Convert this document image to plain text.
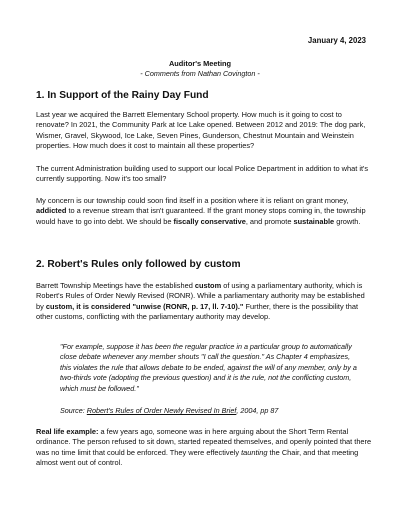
January 4, 2023
Auditor's Meeting
- Comments from Nathan Covington -
1. In Support of the Rainy Day Fund

Last year we acquired the Barrett Elementary School property. How much is it going to cost to renovate? In 2021, the Community Park at Ice Lake opened. Between 2012 and 2019: The dog park, Wismer, Gravel, Skywood, Ice Lake, Seven Pines, Gunderson, Chestnut Mountain and Weinstein properties. How much does it cost to maintain all these properties?

The current Administration building used to support our local Police Department in addition to what it's currently supporting. Now it's too small?

My concern is our township could soon find itself in a position where it is reliant on grant money, addicted to a revenue stream that isn't guaranteed. If the grant money stops coming in, the township would have to go into debt. We should be fiscally conservative, and promote sustainable growth.

2. Robert's Rules only followed by custom

Barrett Township Meetings have the established custom of using a parliamentary authority, which is Robert's Rules of Order Newly Revised (RONR). While a parliamentary authority may be established by custom, it is considered "unwise (RONR, p. 17, ll. 7-10)." Further, there is the possibility that other customs, conflicting with the parliamentary authority may develop.

"For example, suppose it has been the regular practice in a particular group to automatically close debate whenever any member shouts "I call the question." As Chapter 4 emphasizes, this violates the rule that allows debate to be ended, against the will of any member, only by a two-thirds vote (adopting the previous question) and it is the rule, not the conflicting custom, which must be followed."

Source: Robert's Rules of Order Newly Revised In Brief, 2004, pp 87

Real life example: a few years ago, someone was in here arguing about the Short Term Rental ordinance. The person refused to sit down, started repeated themselves, and openly pointed that there was no time limit that could be enforced. They were effectively taunting the Chair, and that meeting almost went out of control.
